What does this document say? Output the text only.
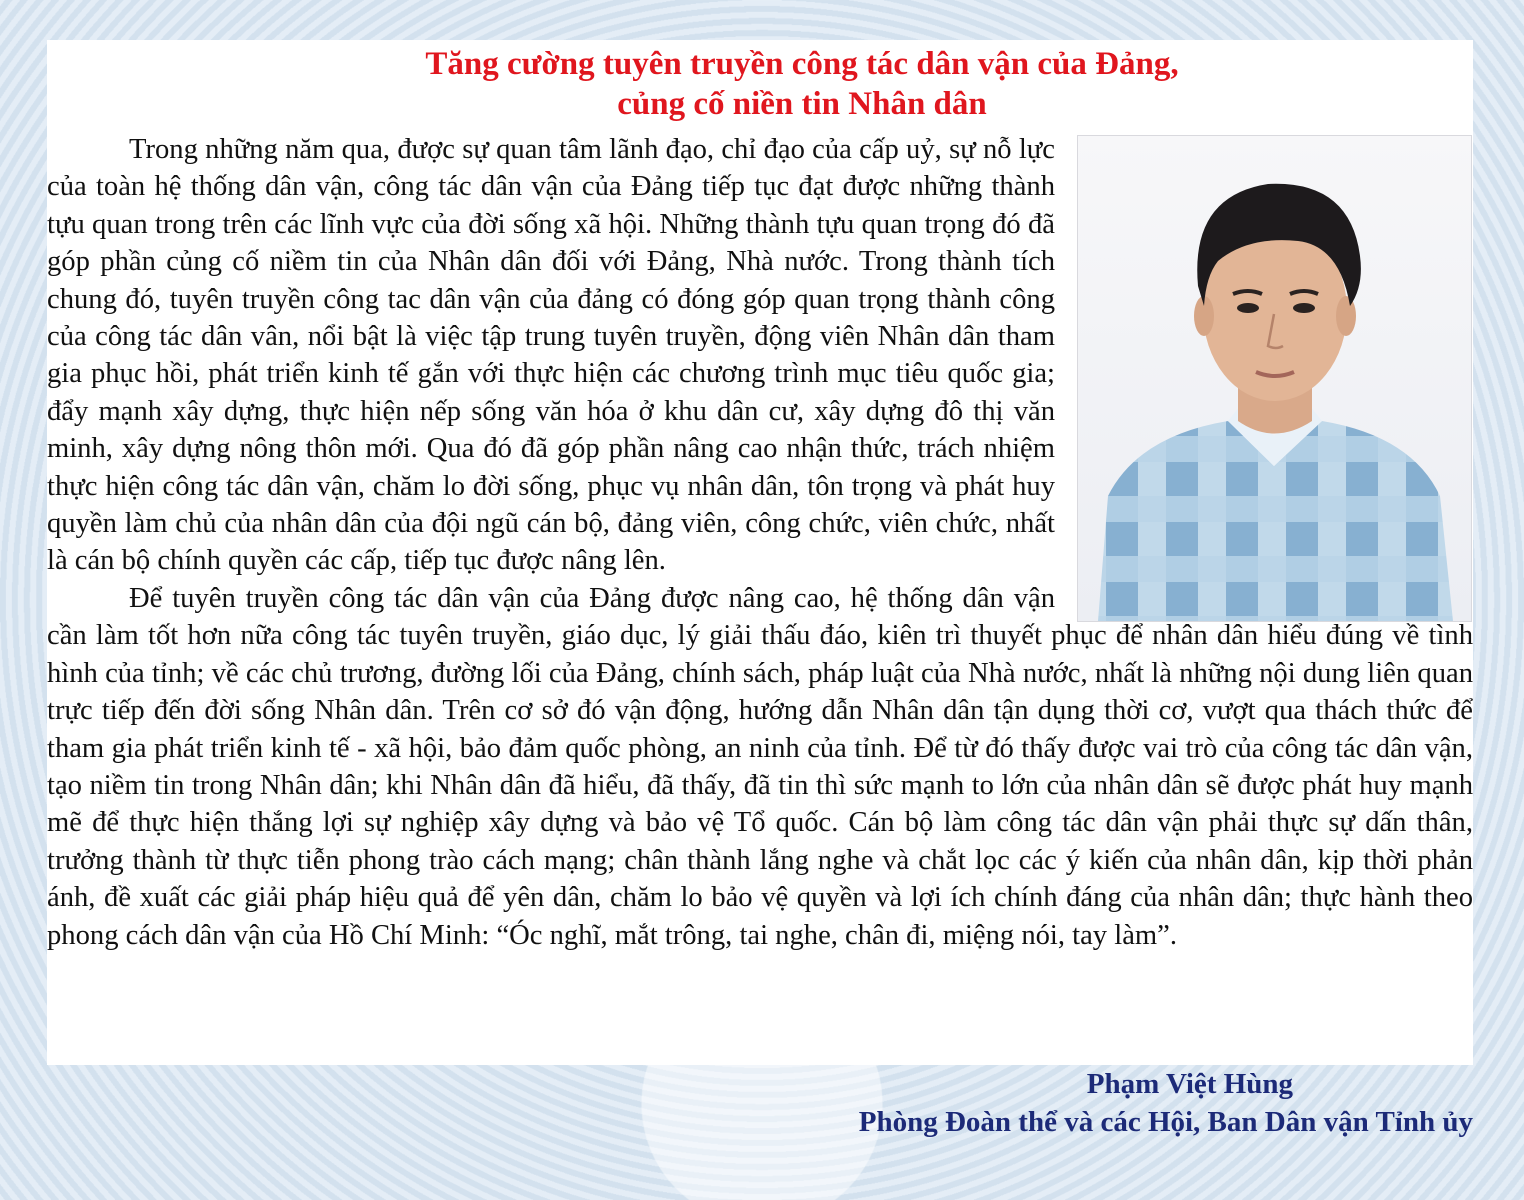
Tăng cường tuyên truyền công tác dân vận của Đảng,
củng cố niền tin Nhân dân

Trong những năm qua, được sự quan tâm lãnh đạo, chỉ đạo của cấp uỷ, sự nỗ lực của toàn hệ thống dân vận, công tác dân vận của Đảng tiếp tục đạt được những thành tựu quan trong trên các lĩnh vực của đời sống xã hội. Những thành tựu quan trọng đó đã góp phần củng cố niềm tin của Nhân dân đối với Đảng, Nhà nước. Trong thành tích chung đó, tuyên truyền công tac dân vận của đảng có đóng góp quan trọng thành công của công tác dân vân, nổi bật là việc tập trung tuyên truyền, động viên Nhân dân tham gia phục hồi, phát triển kinh tế gắn với thực hiện các chương trình mục tiêu quốc gia; đẩy mạnh xây dựng, thực hiện nếp sống văn hóa ở khu dân cư, xây dựng đô thị văn minh, xây dựng nông thôn mới. Qua đó đã góp phần nâng cao nhận thức, trách nhiệm thực hiện công tác dân vận, chăm lo đời sống, phục vụ nhân dân, tôn trọng và phát huy quyền làm chủ của nhân dân của đội ngũ cán bộ, đảng viên, công chức, viên chức, nhất là cán bộ chính quyền các cấp, tiếp tục được nâng lên.

Để tuyên truyền công tác dân vận của Đảng được nâng cao, hệ thống dân vận cần làm tốt hơn nữa công tác tuyên truyền, giáo dục, lý giải thấu đáo, kiên trì thuyết phục để nhân dân hiểu đúng về tình hình của tỉnh; về các chủ trương, đường lối của Đảng, chính sách, pháp luật của Nhà nước, nhất là những nội dung liên quan trực tiếp đến đời sống Nhân dân. Trên cơ sở đó vận động, hướng dẫn Nhân dân tận dụng thời cơ, vượt qua thách thức để tham gia phát triển kinh tế - xã hội, bảo đảm quốc phòng, an ninh của tỉnh. Để từ đó thấy được vai trò của công tác dân vận, tạo niềm tin trong Nhân dân; khi Nhân dân đã hiểu, đã thấy, đã tin thì sức mạnh to lớn của nhân dân sẽ được phát huy mạnh mẽ để thực hiện thắng lợi sự nghiệp xây dựng và bảo vệ Tổ quốc. Cán bộ làm công tác dân vận phải thực sự dấn thân, trưởng thành từ thực tiễn phong trào cách mạng; chân thành lắng nghe và chắt lọc các ý kiến của nhân dân, kịp thời phản ánh, đề xuất các giải pháp hiệu quả để yên dân, chăm lo bảo vệ quyền và lợi ích chính đáng của nhân dân; thực hành theo phong cách dân vận của Hồ Chí Minh: “Óc nghĩ, mắt trông, tai nghe, chân đi, miệng nói, tay làm”.

Phạm Việt Hùng
Phòng Đoàn thể và các Hội, Ban Dân vận Tỉnh ủy
